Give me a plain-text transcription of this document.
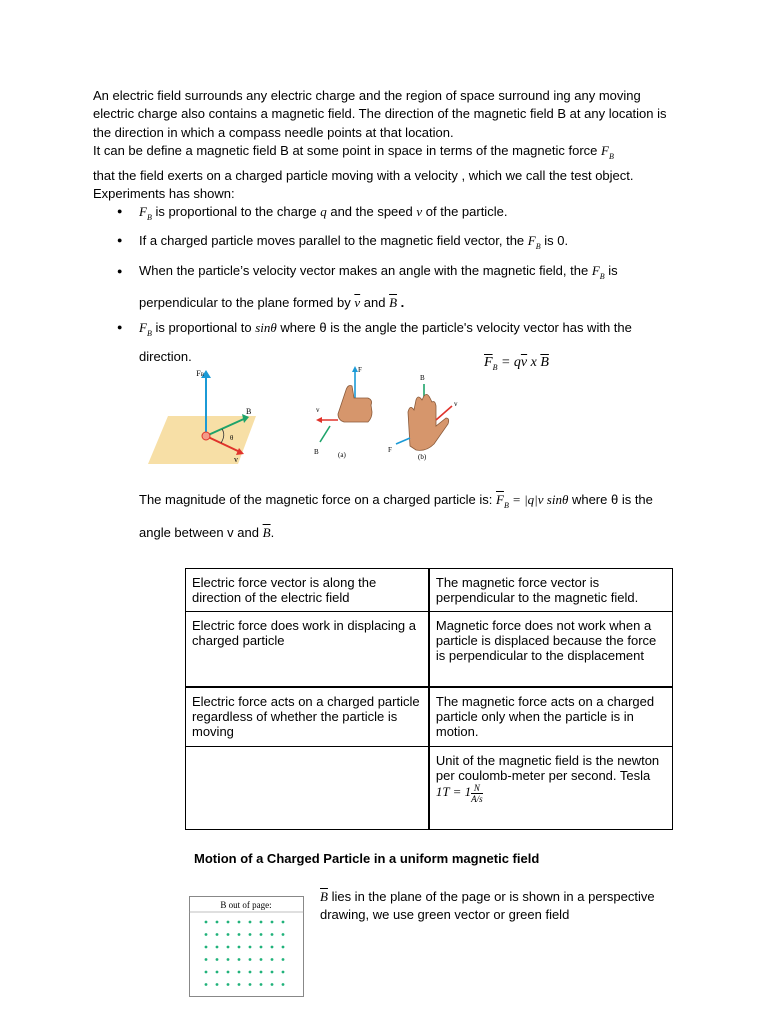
An electric field surrounds any electric charge and the region of space surround ing any moving electric charge also contains a magnetic field. The direction of the magnetic field B at any location is the direction in which a compass needle points at that location.

It can be define a magnetic field B at some point in space in terms of the magnetic force $F_B$
that the field exerts on a charged particle moving with a velocity , which we call the test object. Experiments has shown:

● $F_B$ is proportional to the charge q and the speed v of the particle.
● If a charged particle moves parallel to the magnetic field vector, the $F_B$ is 0.
● When the particle’s velocity vector makes an angle with the magnetic field, the $F_B$ is perpendicular to the plane formed by $\overline{v}$ and $\overline{B}$ .
● $F_B$ is proportional to sinθ where θ is the angle the particle's velocity vector has with the direction.	$\overline{F}_B = q\overline{v}$ x $\overline{B}$
FB
B
v
θ
F
v
B	(a)
B
v
F
(b)
The magnitude of the magnetic force on a charged particle is: $\overline{F}_B = |q|v$ sinθ where θ is the angle between v and $\overline{B}$.
Electric force vector is along the direction of the electric field	The magnetic force vector is perpendicular to the magnetic field.
Electric force does work in displacing a charged particle	Magnetic force does not work when a particle is displaced because the force is perpendicular to the displacement
Electric force acts on a charged particle regardless of whether the particle is moving	The magnetic force acts on a charged particle only when the particle is in motion.
	Unit of the magnetic field is the newton per coulomb-meter per second. Tesla
$1T = 1 \frac{N}{A/s}$
Motion of a Charged Particle in a uniform magnetic field
B out of page:
$\overline{B}$ lies in the plane of the page or is shown in a perspective drawing, we use green vector or green field
